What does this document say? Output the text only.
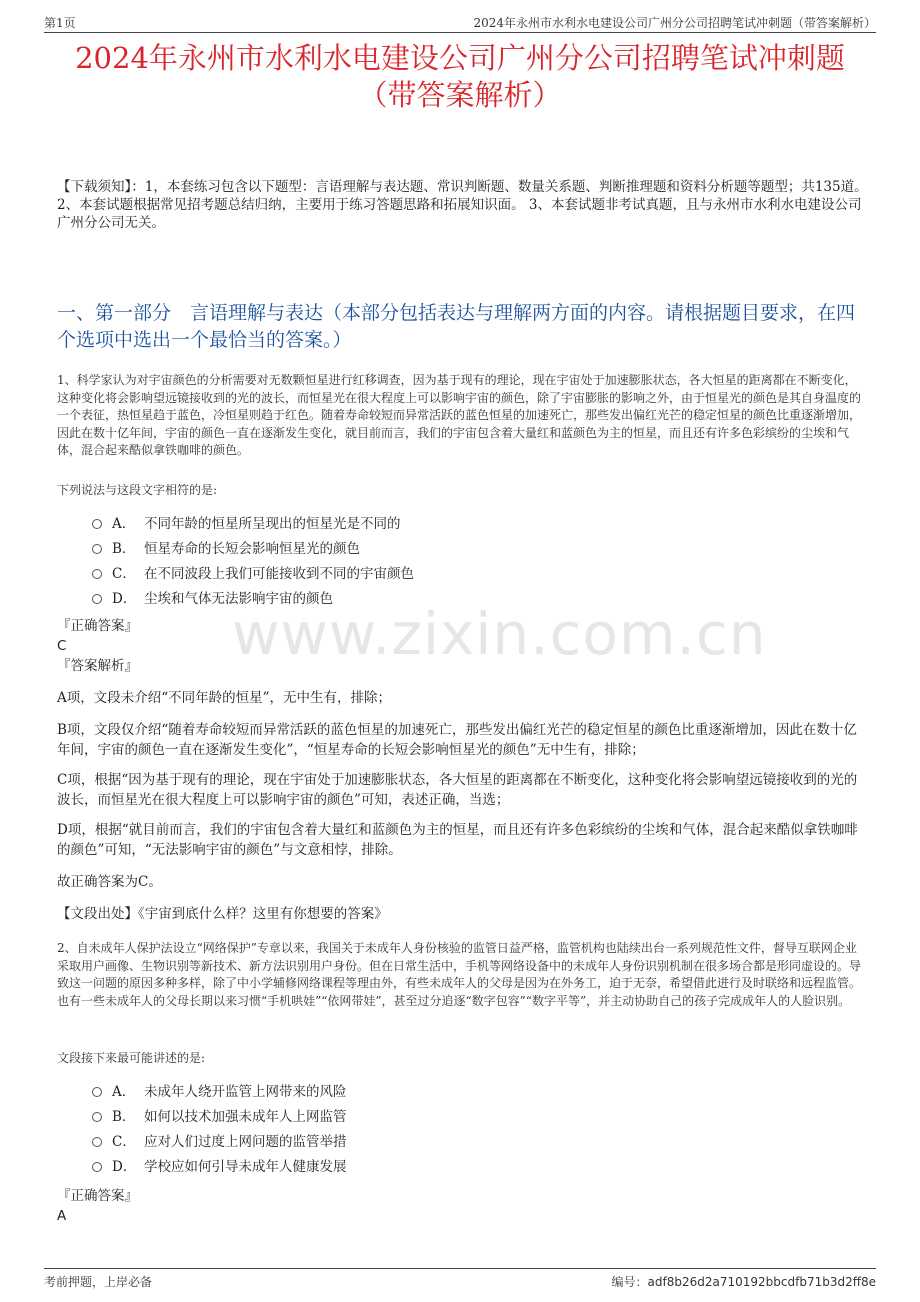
第1页	2024年永州市水利水电建设公司广州分公司招聘笔试冲刺题（带答案解析）
2024年永州市水利水电建设公司广州分公司招聘笔试冲刺题
（带答案解析）
【下载须知】：1，本套练习包含以下题型：言语理解与表达题、常识判断题、数量关系题、判断推理题和资料分析题等题型；共135道。 2、本套试题根据常见招考题总结归纳，主要用于练习答题思路和拓展知识面。 3、本套试题非考试真题，且与永州市水利水电建设公司广州分公司无关。
一、第一部分　言语理解与表达（本部分包括表达与理解两方面的内容。请根据题目要求，在四个选项中选出一个最恰当的答案。）
1、科学家认为对宇宙颜色的分析需要对无数颗恒星进行红移调查，因为基于现有的理论，现在宇宙处于加速膨胀状态，各大恒星的距离都在不断变化，这种变化将会影响望远镜接收到的光的波长，而恒星光在很大程度上可以影响宇宙的颜色，除了宇宙膨胀的影响之外，由于恒星光的颜色是其自身温度的一个表征，热恒星趋于蓝色，冷恒星则趋于红色。随着寿命较短而异常活跃的蓝色恒星的加速死亡，那些发出偏红光芒的稳定恒星的颜色比重逐渐增加，因此在数十亿年间，宇宙的颜色一直在逐渐发生变化，就目前而言，我们的宇宙包含着大量红和蓝颜色为主的恒星，而且还有许多色彩缤纷的尘埃和气体，混合起来酷似拿铁咖啡的颜色。
下列说法与这段文字相符的是:
A． 不同年龄的恒星所呈现出的恒星光是不同的
B． 恒星寿命的长短会影响恒星光的颜色
C． 在不同波段上我们可能接收到不同的宇宙颜色
D． 尘埃和气体无法影响宇宙的颜色
www.zixin.com.cn
『正确答案』
C
『答案解析』
A项，文段未介绍“不同年龄的恒星”，无中生有，排除；
B项，文段仅介绍“随着寿命较短而异常活跃的蓝色恒星的加速死亡，那些发出偏红光芒的稳定恒星的颜色比重逐渐增加，因此在数十亿年间，宇宙的颜色一直在逐渐发生变化”，“恒星寿命的长短会影响恒星光的颜色”无中生有，排除；
C项，根据“因为基于现有的理论，现在宇宙处于加速膨胀状态，各大恒星的距离都在不断变化，这种变化将会影响望远镜接收到的光的波长，而恒星光在很大程度上可以影响宇宙的颜色”可知，表述正确，当选；
D项，根据“就目前而言，我们的宇宙包含着大量红和蓝颜色为主的恒星，而且还有许多色彩缤纷的尘埃和气体，混合起来酷似拿铁咖啡的颜色”可知，“无法影响宇宙的颜色”与文意相悖，排除。
故正确答案为C。
【文段出处】《宇宙到底什么样？这里有你想要的答案》
2、自未成年人保护法设立“网络保护”专章以来，我国关于未成年人身份核验的监管日益严格，监管机构也陆续出台一系列规范性文件，督导互联网企业采取用户画像、生物识别等新技术、新方法识别用户身份。但在日常生活中，手机等网络设备中的未成年人身份识别机制在很多场合都是形同虚设的。导致这一问题的原因多种多样，除了中小学辅修网络课程等理由外，有些未成年人的父母是因为在外务工，迫于无奈，希望借此进行及时联络和远程监管。也有一些未成年人的父母长期以来习惯“手机哄娃”“依网带娃”，甚至过分追逐“数字包容”“数字平等”，并主动协助自己的孩子完成成年人的人脸识别。
文段接下来最可能讲述的是:
A． 未成年人绕开监管上网带来的风险
B． 如何以技术加强未成年人上网监管
C． 应对人们过度上网问题的监管举措
D． 学校应如何引导未成年人健康发展
『正确答案』
A
考前押题，上岸必备	编号：adf8b26d2a710192bbcdfb71b3d2ff8e
